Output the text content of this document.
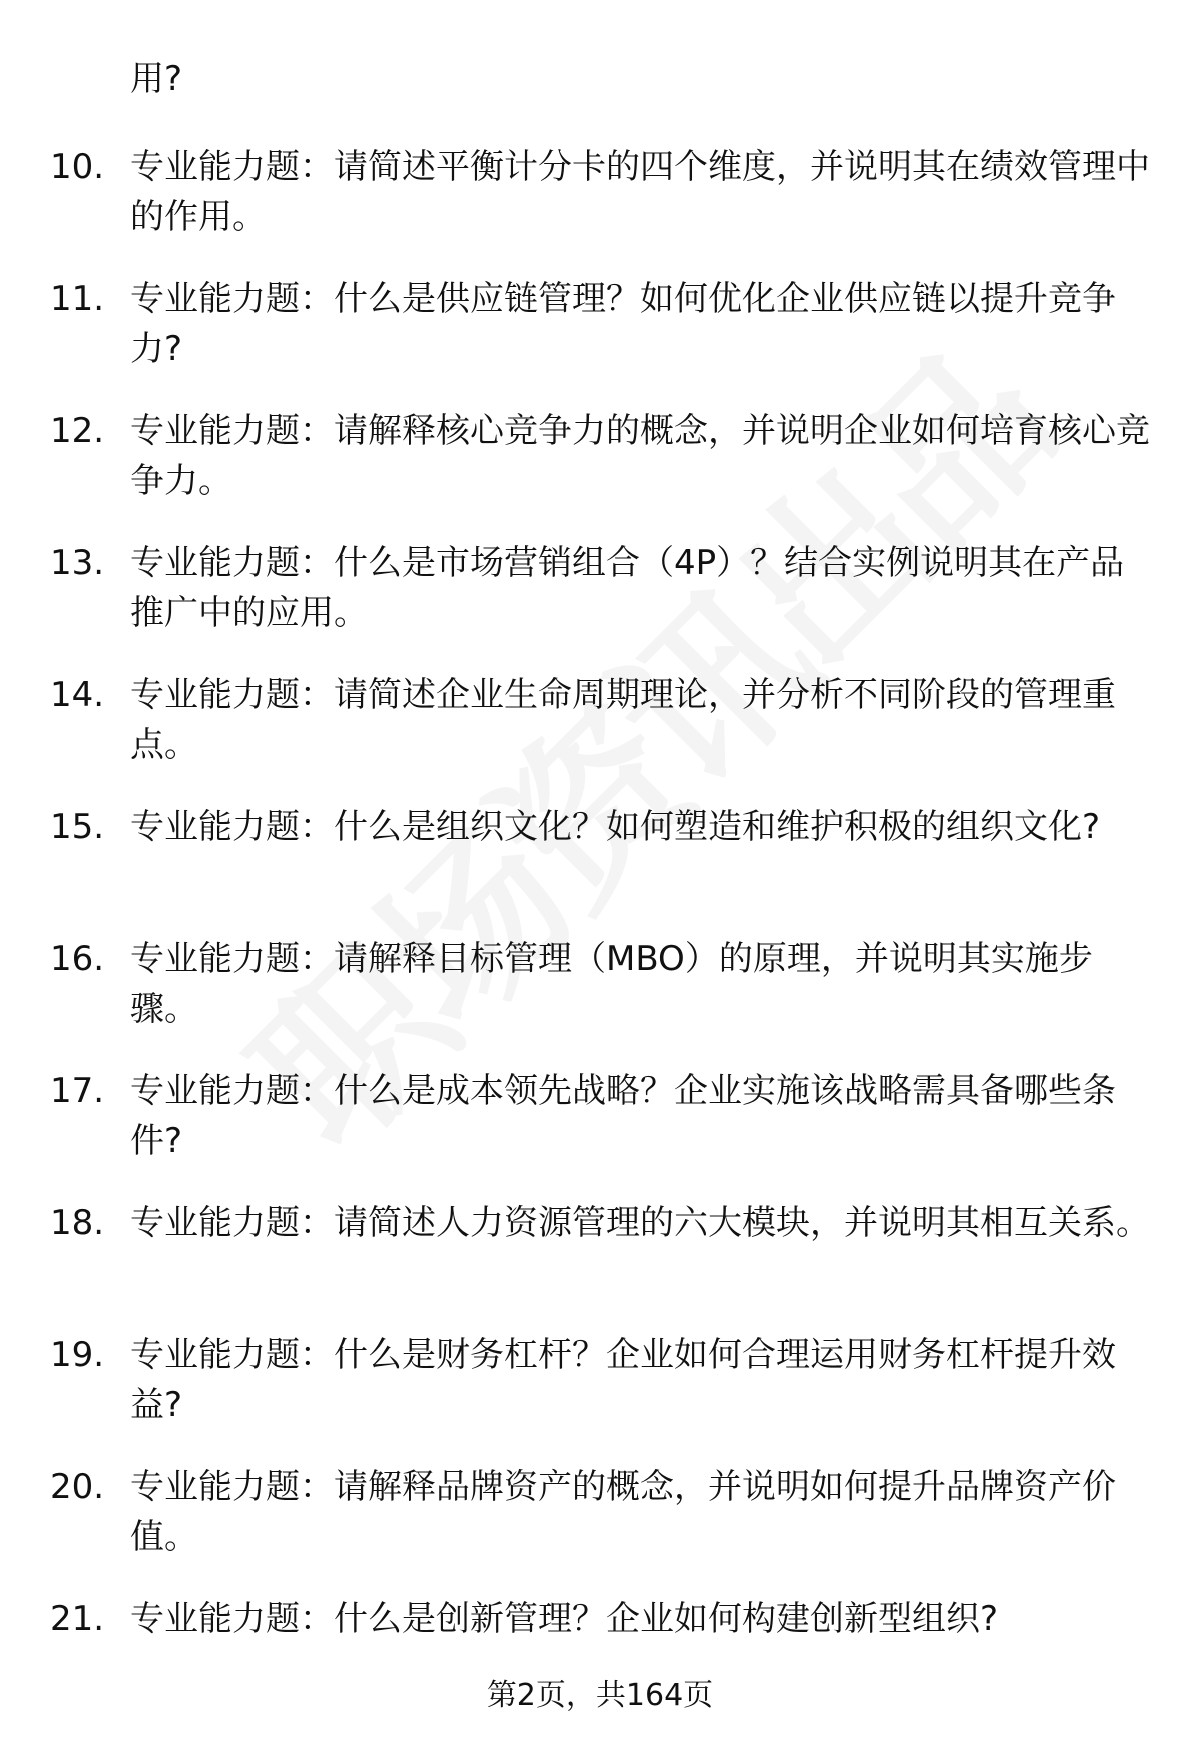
用?

10. 专业能力题：请简述平衡计分卡的四个维度，并说明其在绩效管理中的作用。
11. 专业能力题：什么是供应链管理？如何优化企业供应链以提升竞争力?
12. 专业能力题：请解释核心竞争力的概念，并说明企业如何培育核心竞争力。
13. 专业能力题：什么是市场营销组合（4P）？结合实例说明其在产品推广中的应用。
14. 专业能力题：请简述企业生命周期理论，并分析不同阶段的管理重点。
15. 专业能力题：什么是组织文化？如何塑造和维护积极的组织文化?
16. 专业能力题：请解释目标管理（MBO）的原理，并说明其实施步骤。
17. 专业能力题：什么是成本领先战略？企业实施该战略需具备哪些条件?
18. 专业能力题：请简述人力资源管理的六大模块，并说明其相互关系。
19. 专业能力题：什么是财务杠杆？企业如何合理运用财务杠杆提升效益?
20. 专业能力题：请解释品牌资产的概念，并说明如何提升品牌资产价值。
21. 专业能力题：什么是创新管理？企业如何构建创新型组织?
第2页，共164页
